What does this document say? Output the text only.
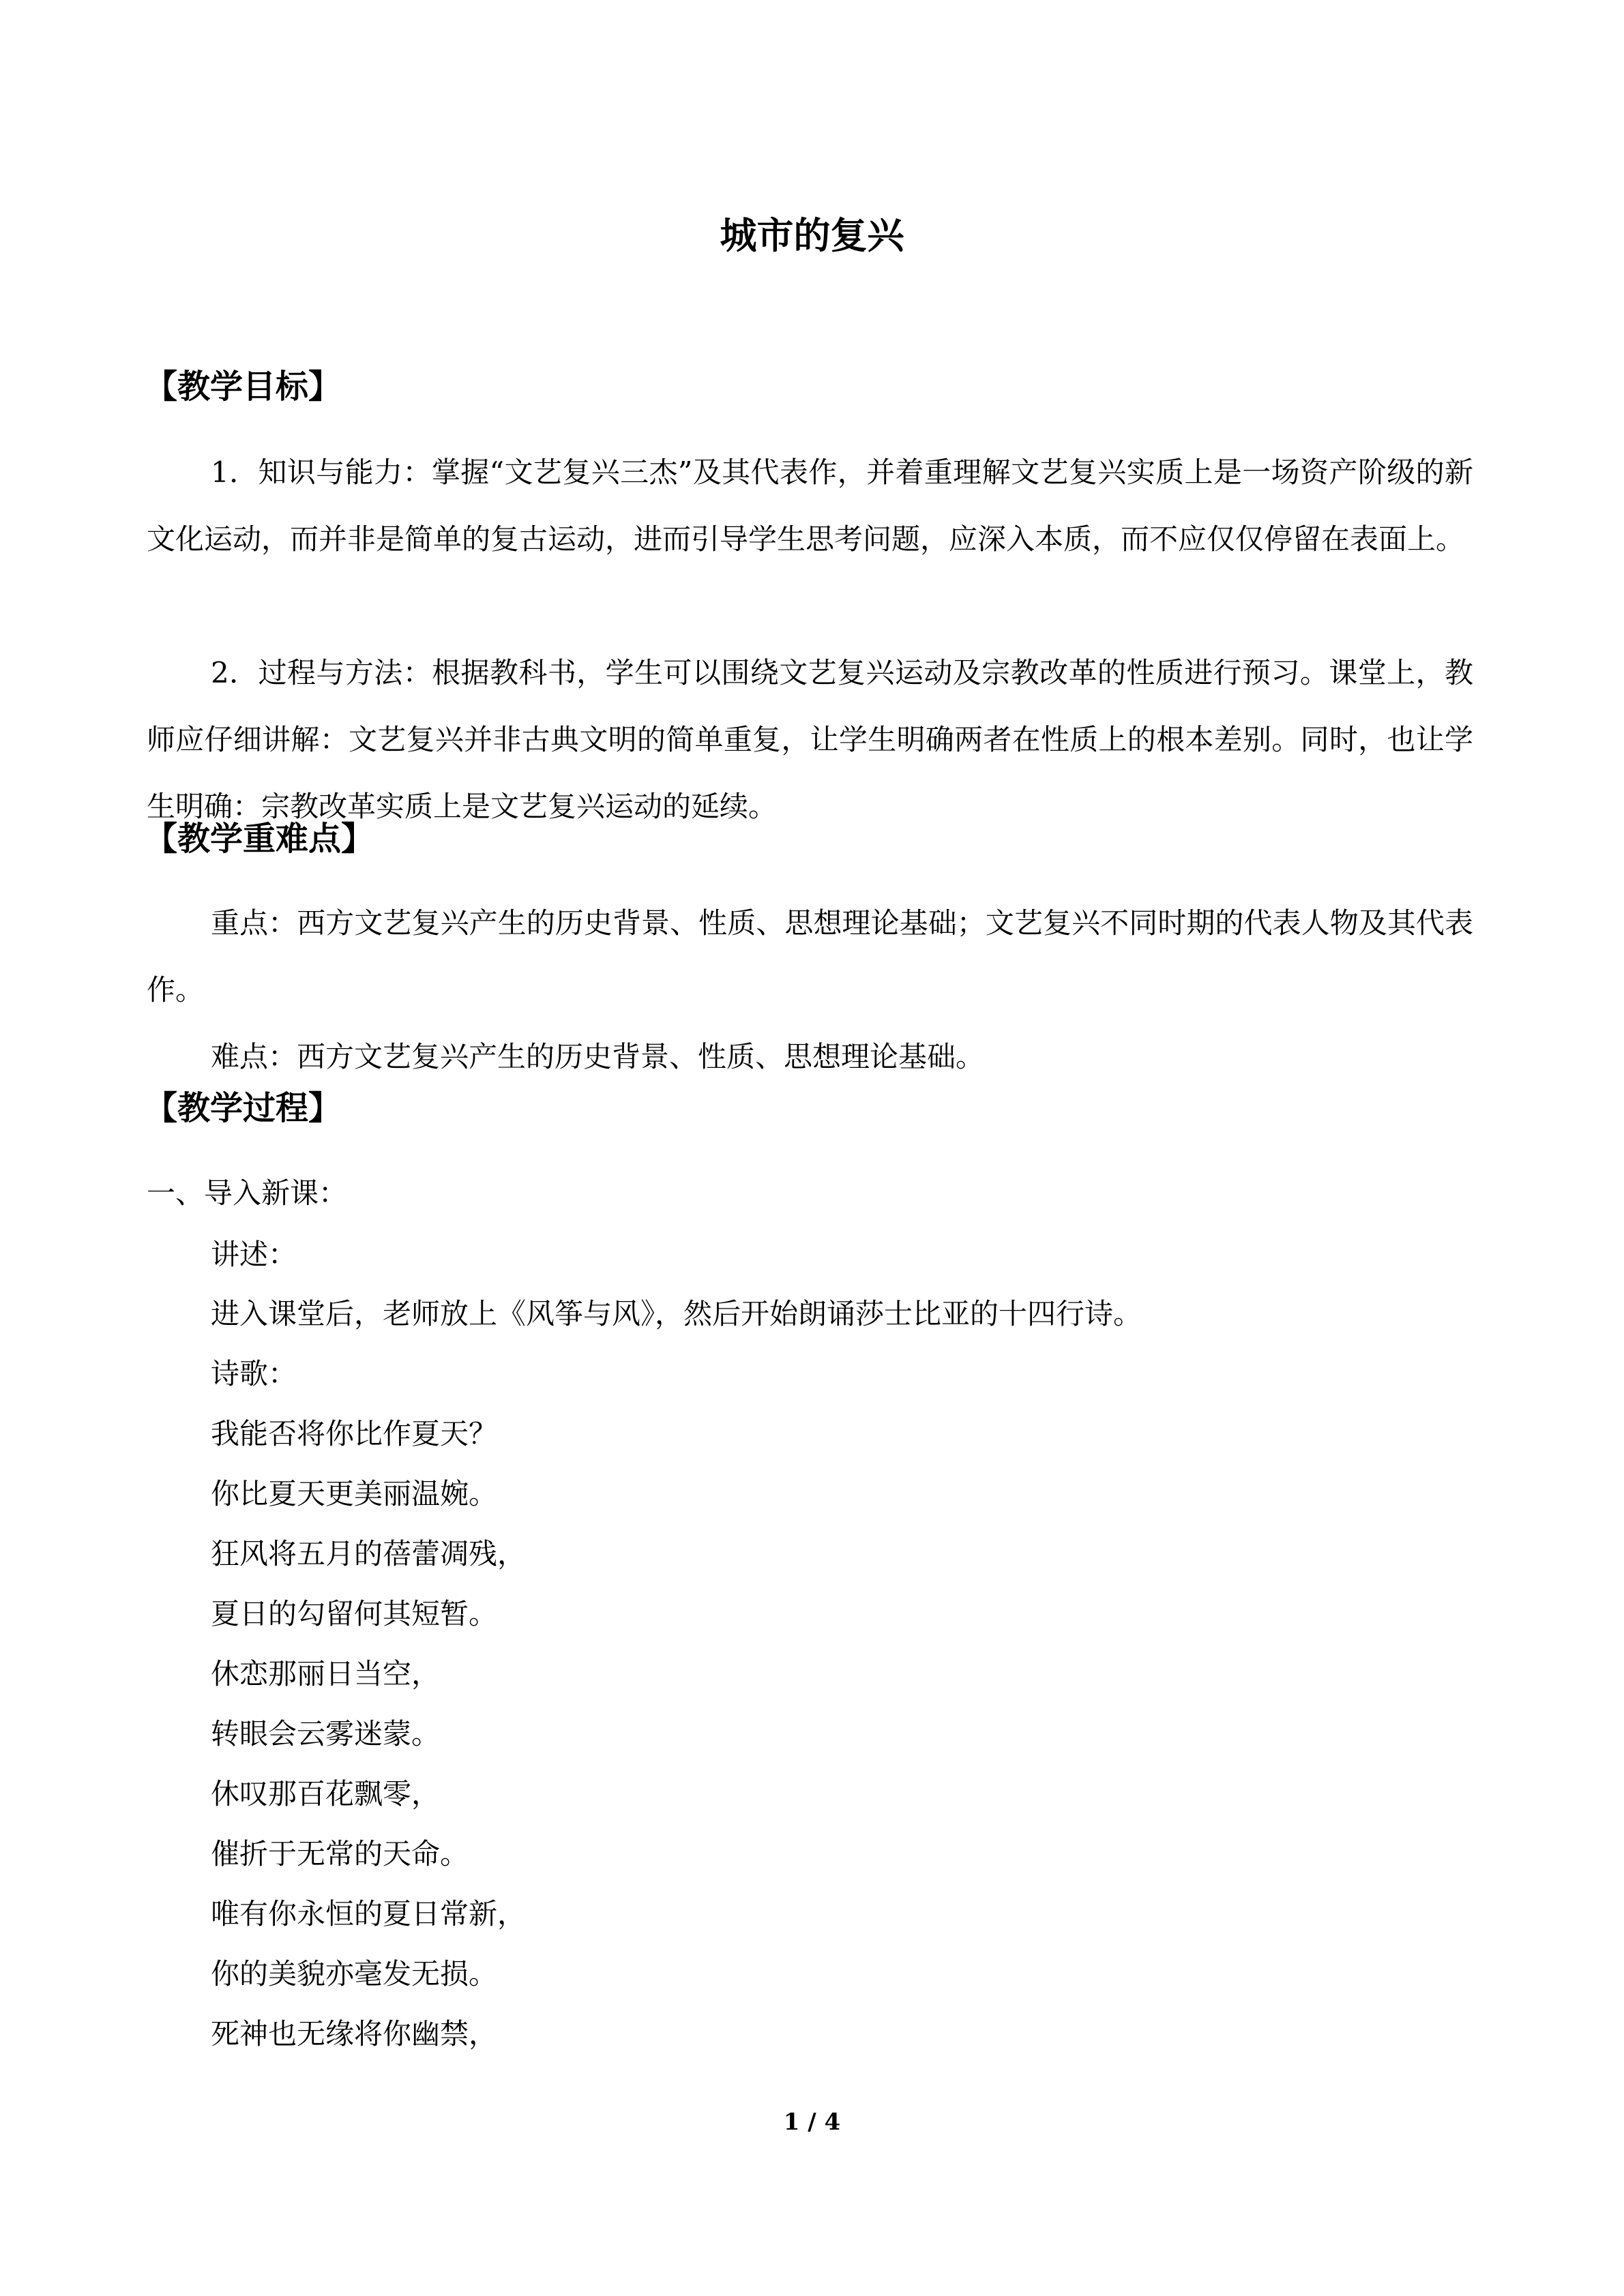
城市的复兴
【教学目标】
1．知识与能力：掌握“文艺复兴三杰”及其代表作，并着重理解文艺复兴实质上是一场资产阶级的新文化运动，而并非是简单的复古运动，进而引导学生思考问题，应深入本质，而不应仅仅停留在表面上。
2．过程与方法：根据教科书，学生可以围绕文艺复兴运动及宗教改革的性质进行预习。课堂上，教师应仔细讲解：文艺复兴并非古典文明的简单重复，让学生明确两者在性质上的根本差别。同时，也让学生明确：宗教改革实质上是文艺复兴运动的延续。
【教学重难点】
重点：西方文艺复兴产生的历史背景、性质、思想理论基础；文艺复兴不同时期的代表人物及其代表作。
难点：西方文艺复兴产生的历史背景、性质、思想理论基础。
【教学过程】
一、导入新课：
讲述：
进入课堂后，老师放上《风筝与风》，然后开始朗诵莎士比亚的十四行诗。
诗歌：
我能否将你比作夏天？
你比夏天更美丽温婉。
狂风将五月的蓓蕾凋残，
夏日的勾留何其短暂。
休恋那丽日当空，
转眼会云雾迷蒙。
休叹那百花飘零，
催折于无常的天命。
唯有你永恒的夏日常新，
你的美貌亦毫发无损。
死神也无缘将你幽禁，
1 / 4
